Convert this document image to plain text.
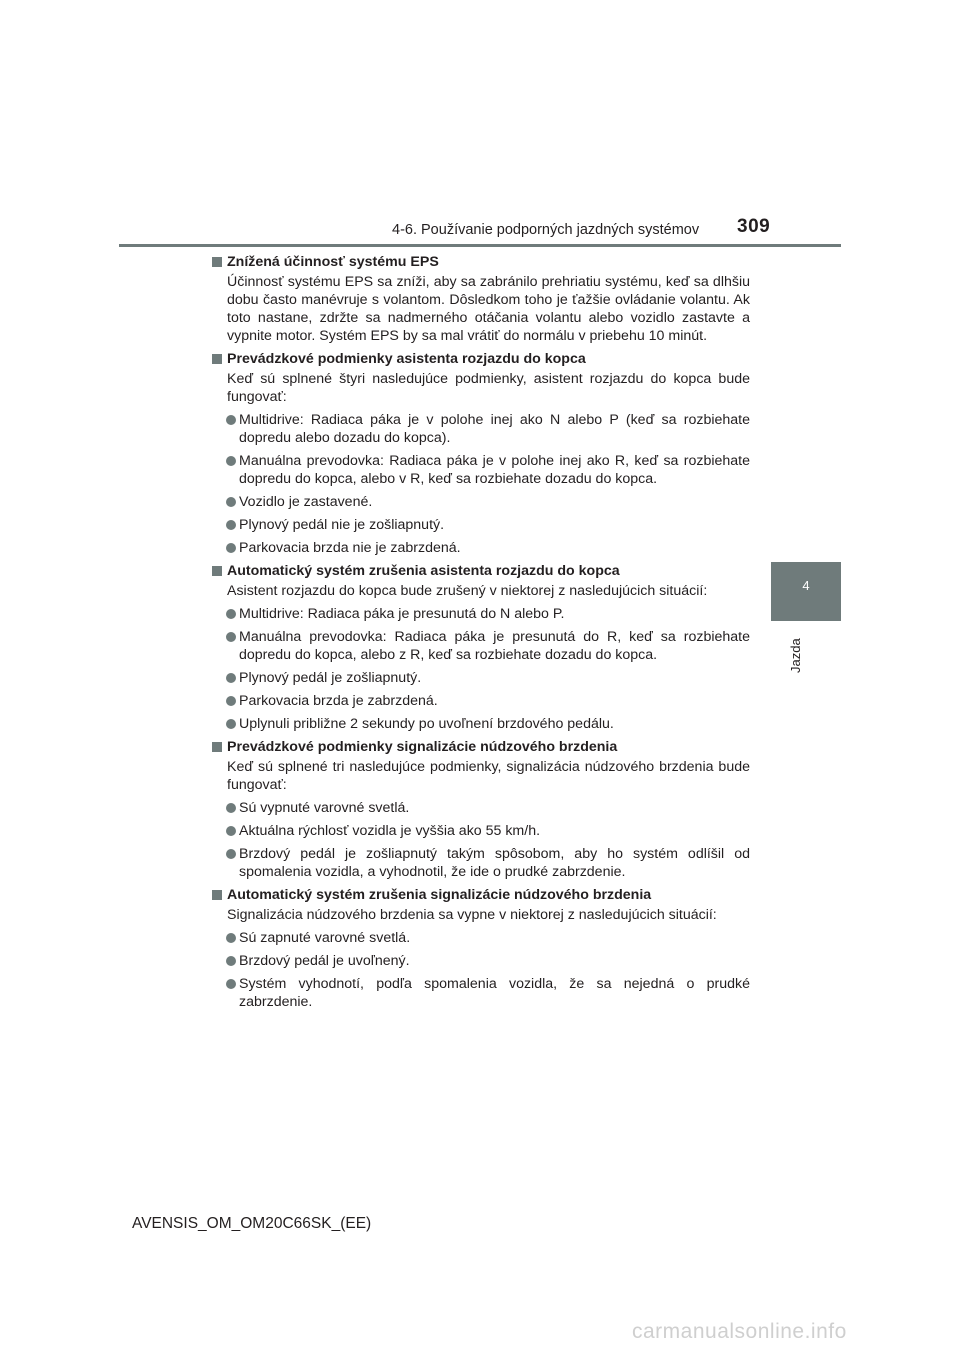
4-6. Používanie podporných jazdných systémov 309
4
Jazda
Znížená účinnosť systému EPS

Účinnosť systému EPS sa zníži, aby sa zabránilo prehriatiu systému, keď sa dlhšiu dobu často manévruje s volantom. Dôsledkom toho je ťažšie ovládanie volantu. Ak toto nastane, zdržte sa nadmerného otáčania volantu alebo vozidlo zastavte a vypnite motor. Systém EPS by sa mal vrátiť do normálu v priebehu 10 minút.

Prevádzkové podmienky asistenta rozjazdu do kopca

Keď sú splnené štyri nasledujúce podmienky, asistent rozjazdu do kopca bude fungovať:

Multidrive: Radiaca páka je v polohe inej ako N alebo P (keď sa rozbiehate dopredu alebo dozadu do kopca).
Manuálna prevodovka: Radiaca páka je v polohe inej ako R, keď sa rozbiehate dopredu do kopca, alebo v R, keď sa rozbiehate dozadu do kopca.
Vozidlo je zastavené.
Plynový pedál nie je zošliapnutý.
Parkovacia brzda nie je zabrzdená.
Automatický systém zrušenia asistenta rozjazdu do kopca

Asistent rozjazdu do kopca bude zrušený v niektorej z nasledujúcich situácií:

Multidrive: Radiaca páka je presunutá do N alebo P.
Manuálna prevodovka: Radiaca páka je presunutá do R, keď sa rozbiehate dopredu do kopca, alebo z R, keď sa rozbiehate dozadu do kopca.
Plynový pedál je zošliapnutý.
Parkovacia brzda je zabrzdená.
Uplynuli približne 2 sekundy po uvoľnení brzdového pedálu.
Prevádzkové podmienky signalizácie núdzového brzdenia

Keď sú splnené tri nasledujúce podmienky, signalizácia núdzového brzdenia bude fungovať:

Sú vypnuté varovné svetlá.
Aktuálna rýchlosť vozidla je vyššia ako 55 km/h.
Brzdový pedál je zošliapnutý takým spôsobom, aby ho systém odlíšil od spomalenia vozidla, a vyhodnotil, že ide o prudké zabrzdenie.
Automatický systém zrušenia signalizácie núdzového brzdenia

Signalizácia núdzového brzdenia sa vypne v niektorej z nasledujúcich situácií:

Sú zapnuté varovné svetlá.
Brzdový pedál je uvoľnený.
Systém vyhodnotí, podľa spomalenia vozidla, že sa nejedná o prudké zabrzdenie.
AVENSIS_OM_OM20C66SK_(EE)
carmanualsonline.info
